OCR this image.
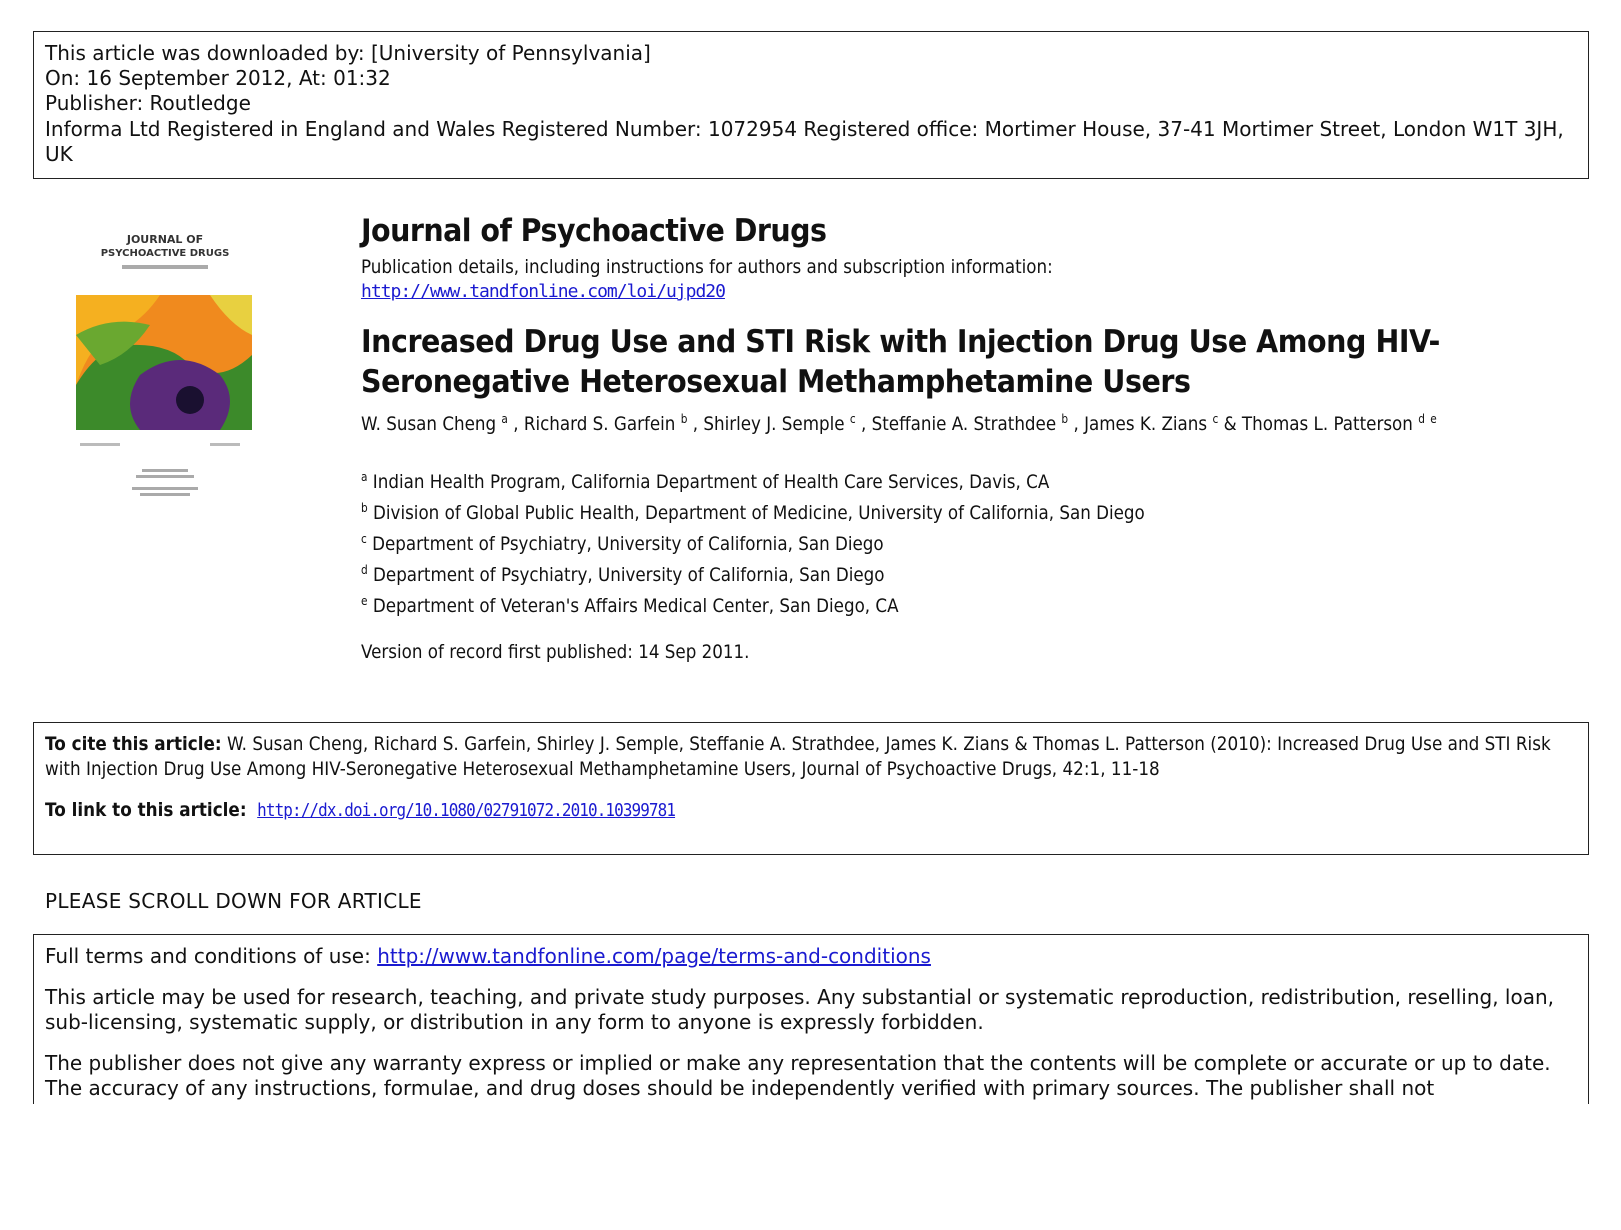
This article was downloaded by: [University of Pennsylvania]
On: 16 September 2012, At: 01:32
Publisher: Routledge
Informa Ltd Registered in England and Wales Registered Number: 1072954 Registered office: Mortimer House, 37-41 Mortimer Street, London W1T 3JH, UK
JOURNAL OF
PSYCHOACTIVE DRUGS
Journal of Psychoactive Drugs
Publication details, including instructions for authors and subscription information:
http://www.tandfonline.com/loi/ujpd20
Increased Drug Use and STI Risk with Injection Drug Use Among HIV-Seronegative Heterosexual Methamphetamine Users
W. Susan Cheng $^a$ , Richard S. Garfein $^b$ , Shirley J. Semple $^c$ , Steffanie A. Strathdee $^b$ , James K. Zians $^c$ & Thomas L. Patterson $^d$ $^e$
$^a$ Indian Health Program, California Department of Health Care Services, Davis, CA
$^b$ Division of Global Public Health, Department of Medicine, University of California, San Diego
$^c$ Department of Psychiatry, University of California, San Diego
$^d$ Department of Psychiatry, University of California, San Diego
$^e$ Department of Veteran's Affairs Medical Center, San Diego, CA
Version of record first published: 14 Sep 2011.
To cite this article: W. Susan Cheng, Richard S. Garfein, Shirley J. Semple, Steffanie A. Strathdee, James K. Zians & Thomas L. Patterson (2010): Increased Drug Use and STI Risk with Injection Drug Use Among HIV-Seronegative Heterosexual Methamphetamine Users, Journal of Psychoactive Drugs, 42:1, 11-18
To link to this article: http://dx.doi.org/10.1080/02791072.2010.10399781
PLEASE SCROLL DOWN FOR ARTICLE

Full terms and conditions of use: http://www.tandfonline.com/page/terms-and-conditions

This article may be used for research, teaching, and private study purposes. Any substantial or systematic reproduction, redistribution, reselling, loan, sub-licensing, systematic supply, or distribution in any form to anyone is expressly forbidden.

The publisher does not give any warranty express or implied or make any representation that the contents will be complete or accurate or up to date. The accuracy of any instructions, formulae, and drug doses should be independently verified with primary sources. The publisher shall not
